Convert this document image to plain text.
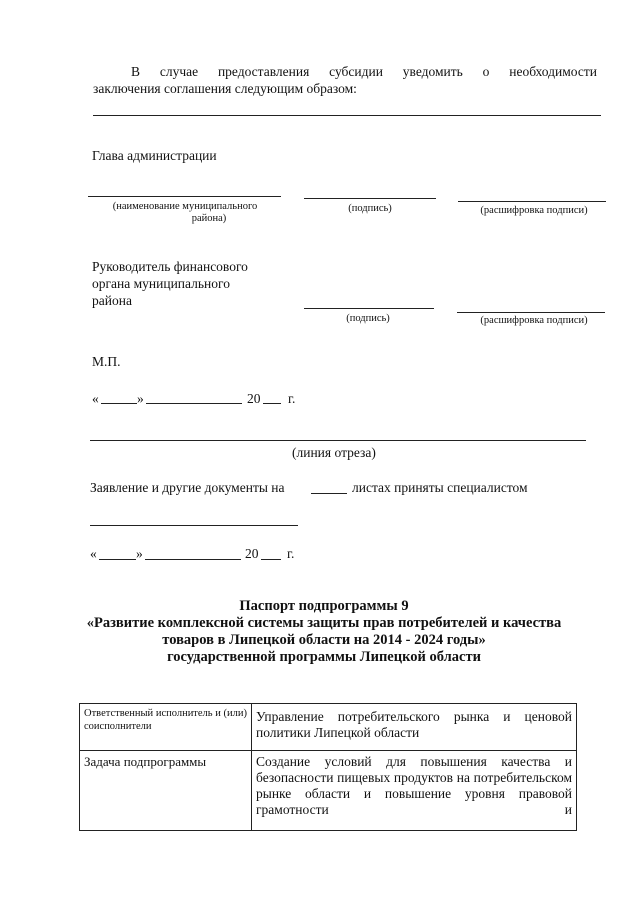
В случае предоставления субсидии уведомить о необходимости
заключения соглашения следующим образом:
Глава администрации
(наименование муниципального
района)
(подпись)	(расшифровка подписи)
Руководитель финансового
органа муниципального
района
(подпись)	(расшифровка подписи)
М.П.
«	»	20 г.
(линия отреза)
Заявление и другие документы на	листах приняты специалистом
«	»	20 г.
Паспорт подпрограммы 9
«Развитие комплексной системы защиты прав потребителей и качества
товаров в Липецкой области на 2014 - 2024 годы»
государственной программы Липецкой области
Ответственный исполнитель и (или) соисполнители	Управление потребительского рынка и ценовой политики Липецкой области

Задача подпрограммы	Создание условий для повышения качества и безопасности пищевых продуктов на потребительском рынке области и повышение уровня правовой грамотности и
